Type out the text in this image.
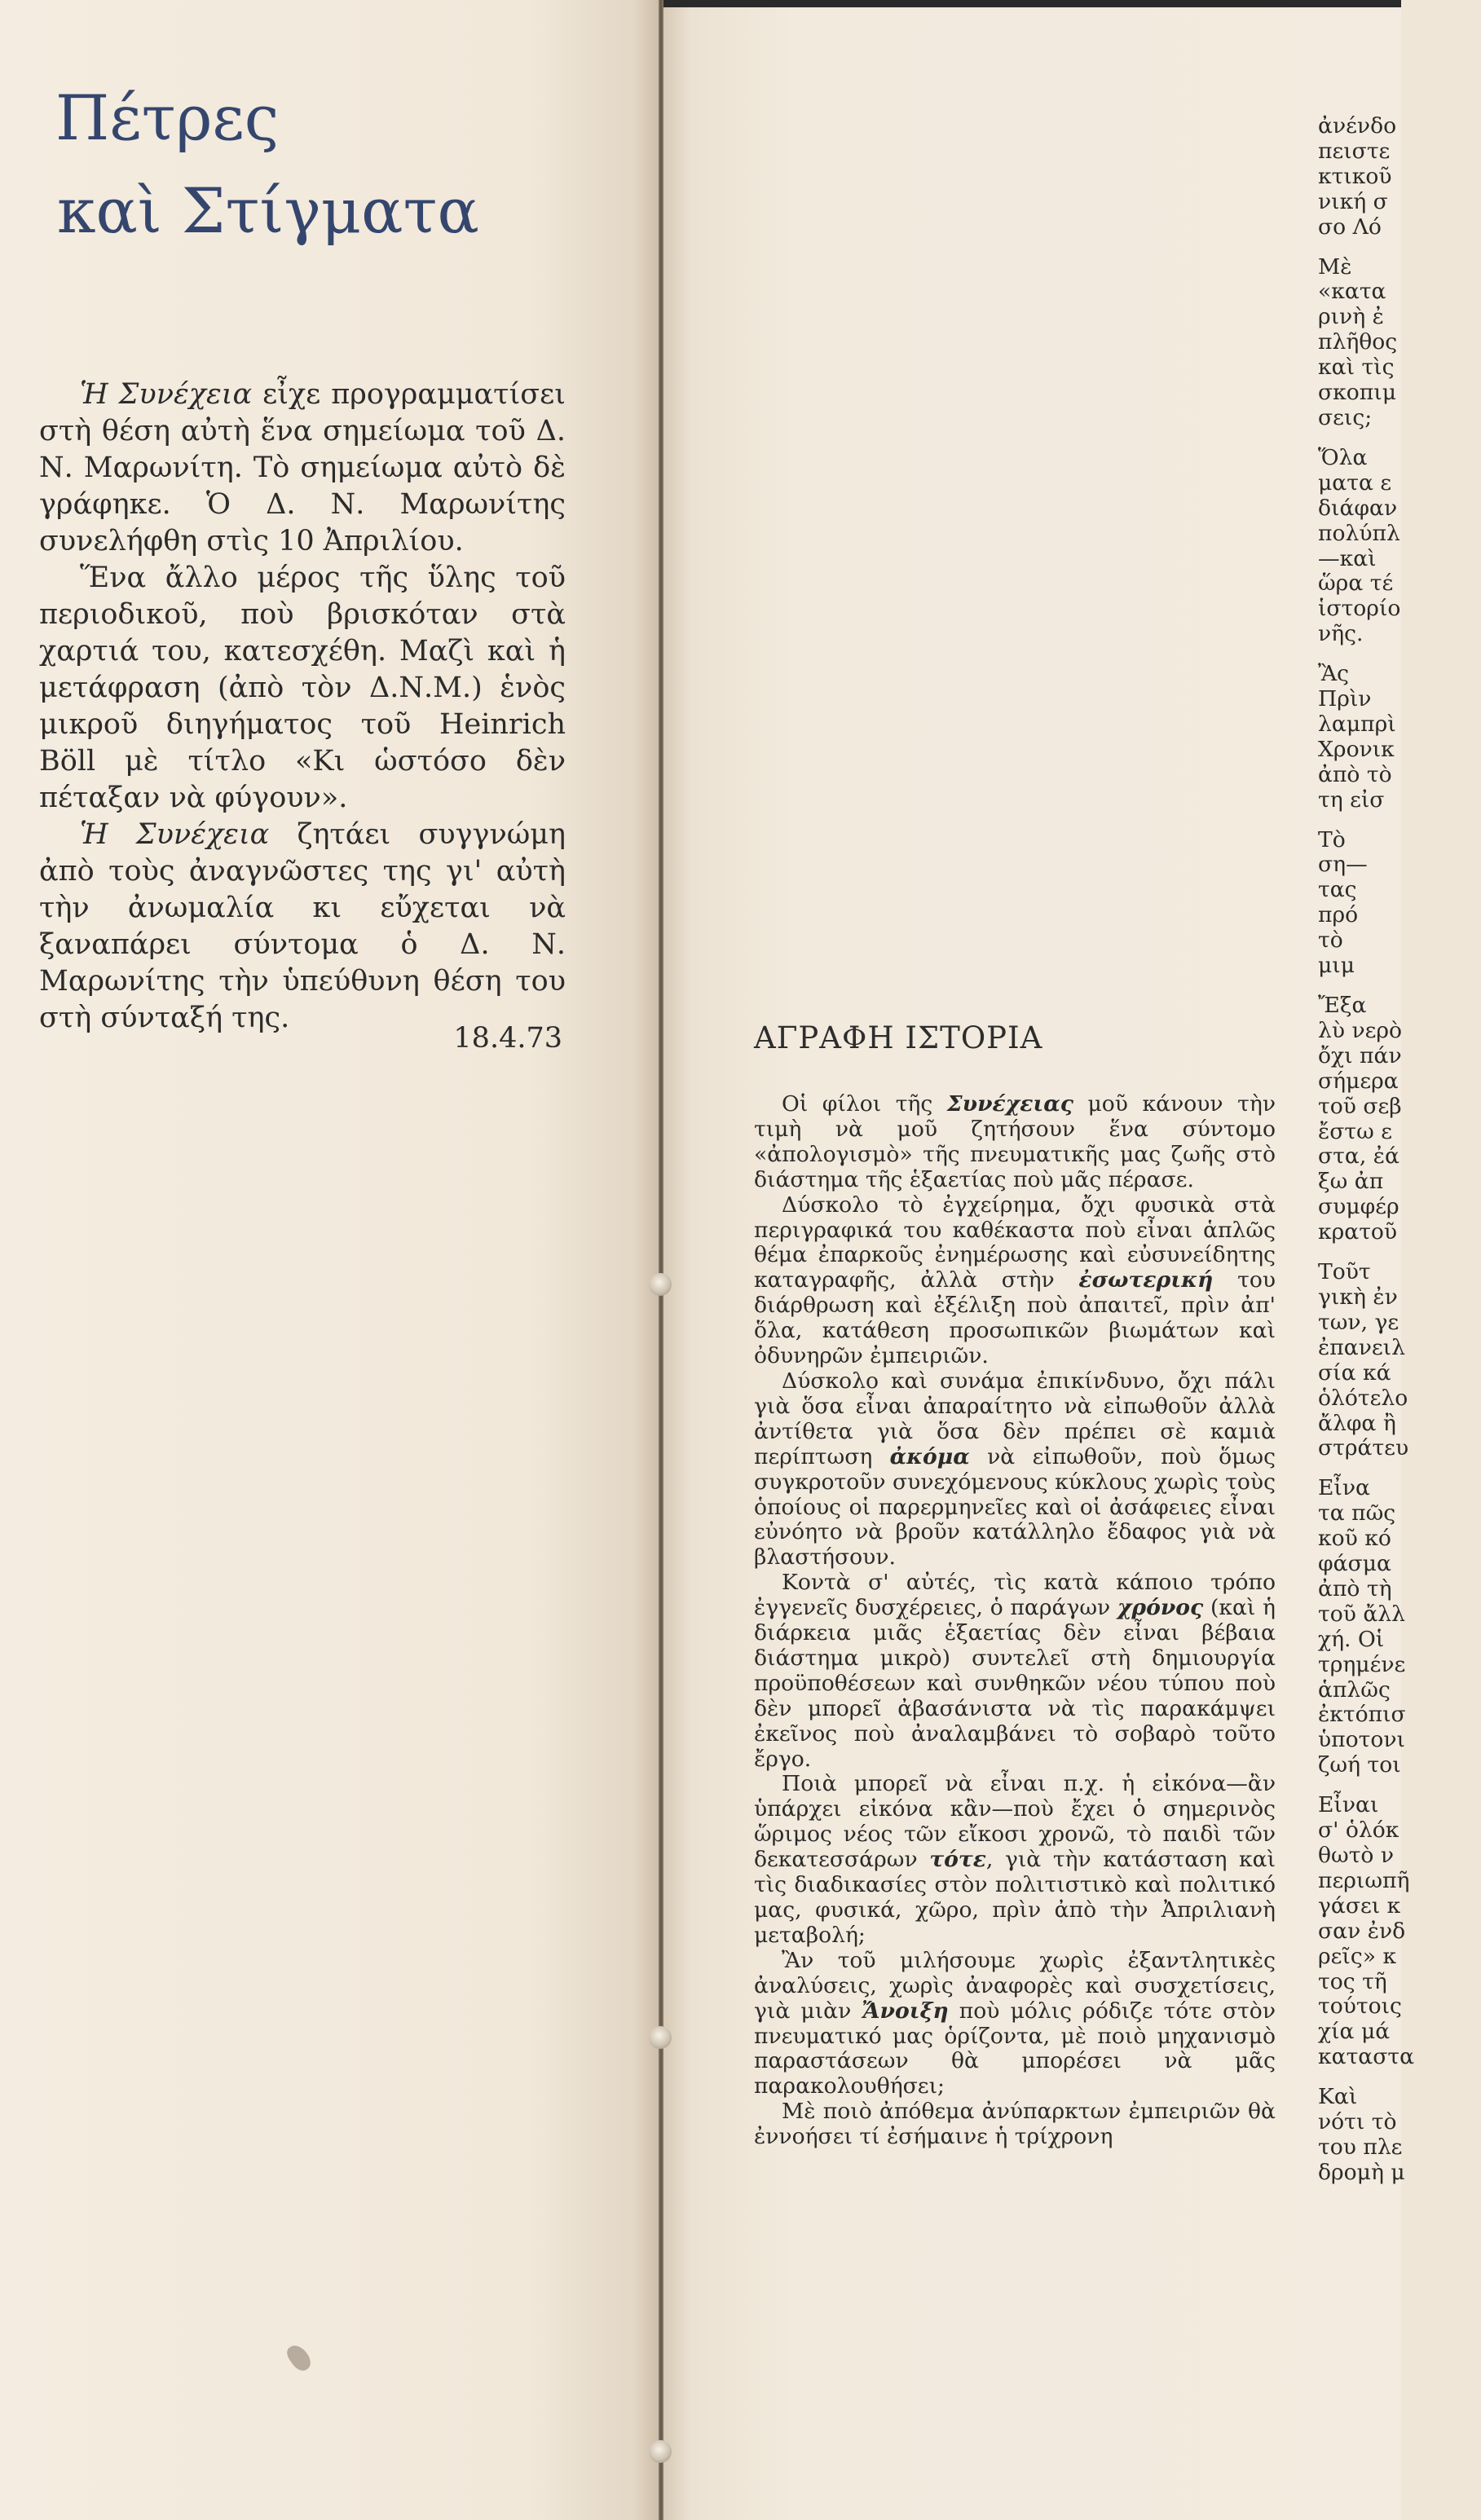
Πέτρες
καὶ Στίγματα

Ἡ Συνέχεια εἶχε προγραμματίσει στὴ θέση αὐτὴ ἕνα σημείωμα τοῦ Δ. Ν. Μαρωνίτη. Τὸ σημείωμα αὐτὸ δὲ γράφηκε. Ὁ Δ. Ν. Μαρωνίτης συνελήφθη στὶς 10 Ἀπριλίου.

Ἕνα ἄλλο μέρος τῆς ὕλης τοῦ περιοδικοῦ, ποὺ βρισκόταν στὰ χαρτιά του, κατεσχέθη. Μαζὶ καὶ ἡ μετάφραση (ἀπὸ τὸν Δ.Ν.Μ.) ἑνὸς μικροῦ διηγήματος τοῦ Heinrich Böll μὲ τίτλο «Κι ὡστόσο δὲν πέταξαν νὰ φύγουν».

Ἡ Συνέχεια ζητάει συγγνώμη ἀπὸ τοὺς ἀναγνῶστες της γι' αὐτὴ τὴν ἀνωμαλία κι εὔχεται νὰ ξαναπάρει σύντομα ὁ Δ. Ν. Μαρωνίτης τὴν ὑπεύθυνη θέση του στὴ σύνταξή της.

18.4.73	ΑΓΡΑΦΗ ΙΣΤΟΡΙΑ

Οἱ φίλοι τῆς Συνέχειας μοῦ κάνουν τὴν τιμὴ νὰ μοῦ ζητήσουν ἕνα σύντομο «ἀπολογισμὸ» τῆς πνευματικῆς μας ζωῆς στὸ διάστημα τῆς ἑξαετίας ποὺ μᾶς πέρασε.

Δύσκολο τὸ ἐγχείρημα, ὄχι φυσικὰ στὰ περιγραφικά του καθέκαστα ποὺ εἶναι ἁπλῶς θέμα ἐπαρκοῦς ἐνημέρωσης καὶ εὐσυνείδητης καταγραφῆς, ἀλλὰ στὴν ἐσωτερική του διάρθρωση καὶ ἐξέλιξη ποὺ ἀπαιτεῖ, πρὶν ἀπ' ὅλα, κατάθεση προσωπικῶν βιωμάτων καὶ ὀδυνηρῶν ἐμπειριῶν.

Δύσκολο καὶ συνάμα ἐπικίνδυνο, ὄχι πάλι γιὰ ὅσα εἶναι ἀπαραίτητο νὰ εἰπωθοῦν ἀλλὰ ἀντίθετα γιὰ ὅσα δὲν πρέπει σὲ καμιὰ περίπτωση ἀκόμα νὰ εἰπωθοῦν, ποὺ ὅμως συγκροτοῦν συνεχόμενους κύκλους χωρὶς τοὺς ὁποίους οἱ παρερμηνεῖες καὶ οἱ ἀσάφειες εἶναι εὐνόητο νὰ βροῦν κατάλληλο ἔδαφος γιὰ νὰ βλαστήσουν.

Κοντὰ σ' αὐτές, τὶς κατὰ κάποιο τρόπο ἐγγενεῖς δυσχέρειες, ὁ παράγων χρόνος (καὶ ἡ διάρκεια μιᾶς ἑξαετίας δὲν εἶναι βέβαια διάστημα μικρὸ) συντελεῖ στὴ δημιουργία προϋποθέσεων καὶ συνθηκῶν νέου τύπου ποὺ δὲν μπορεῖ ἀβασάνιστα νὰ τὶς παρακάμψει ἐκεῖνος ποὺ ἀναλαμβάνει τὸ σοβαρὸ τοῦτο ἔργο.

Ποιὰ μπορεῖ νὰ εἶναι π.χ. ἡ εἰκόνα—ἂν ὑπάρχει εἰκόνα κἂν—ποὺ ἔχει ὁ σημερινὸς ὥριμος νέος τῶν εἴκοσι χρονῶ, τὸ παιδὶ τῶν δεκατεσσάρων τότε, γιὰ τὴν κατάσταση καὶ τὶς διαδικασίες στὸν πολιτιστικὸ καὶ πολιτικό μας, φυσικά, χῶρο, πρὶν ἀπὸ τὴν Ἀπριλιανὴ μεταβολή;

Ἂν τοῦ μιλήσουμε χωρὶς ἐξαντλητικὲς ἀναλύσεις, χωρὶς ἀναφορὲς καὶ συσχετίσεις, γιὰ μιὰν Ἄνοιξη ποὺ μόλις ρόδιζε τότε στὸν πνευματικό μας ὁρίζοντα, μὲ ποιὸ μηχανισμὸ παραστάσεων θὰ μπορέσει νὰ μᾶς παρακολουθήσει;

Μὲ ποιὸ ἀπόθεμα ἀνύπαρκτων ἐμπειριῶν θὰ ἐννοήσει τί ἐσήμαινε ἡ τρίχρονη

ἀνένδο

πειστε

κτικοῦ

νική σ

σο Λό

Μὲ

«κατα

ρινὴ ἐ

πλῆθος

καὶ τὶς

σκοπιμ

σεις;

Ὅλα

ματα ε

διάφαν

πολύπλ

—καὶ

ὥρα τέ

ἱστορίο

νῆς.

Ἂς

Πρὶν

λαμπρὶ

Χρονικ

ἀπὸ τὸ

τη εἰσ

Τὸ

ση—

τας

πρό

τὸ

μιμ

Ἔξα

λὺ νερὸ

ὄχι πάν

σήμερα

τοῦ σεβ

ἔστω ε

στα, ἐά

ξω ἀπ

συμφέρ

κρατοῦ

Τοῦτ

γικὴ ἐν

των, γε

ἐπανειλ

σία κά

ὁλότελο

ἄλφα ἢ

στράτευ

Εἶνα

τα πῶς

κοῦ κό

φάσμα

ἀπὸ τὴ

τοῦ ἄλλ

χή. Οἱ

τρημένε

ἁπλῶς

ἐκτόπισ

ὑποτονι

ζωή τοι

Εἶναι

σ' ὁλόκ

θωτὸ ν

περιωπῆ

γάσει κ

σαν ἐνδ

ρεῖς» κ

τος τῆ

τούτοις

χία μά

καταστα

Καὶ

νότι τὸ

του πλε

δρομὴ μ
